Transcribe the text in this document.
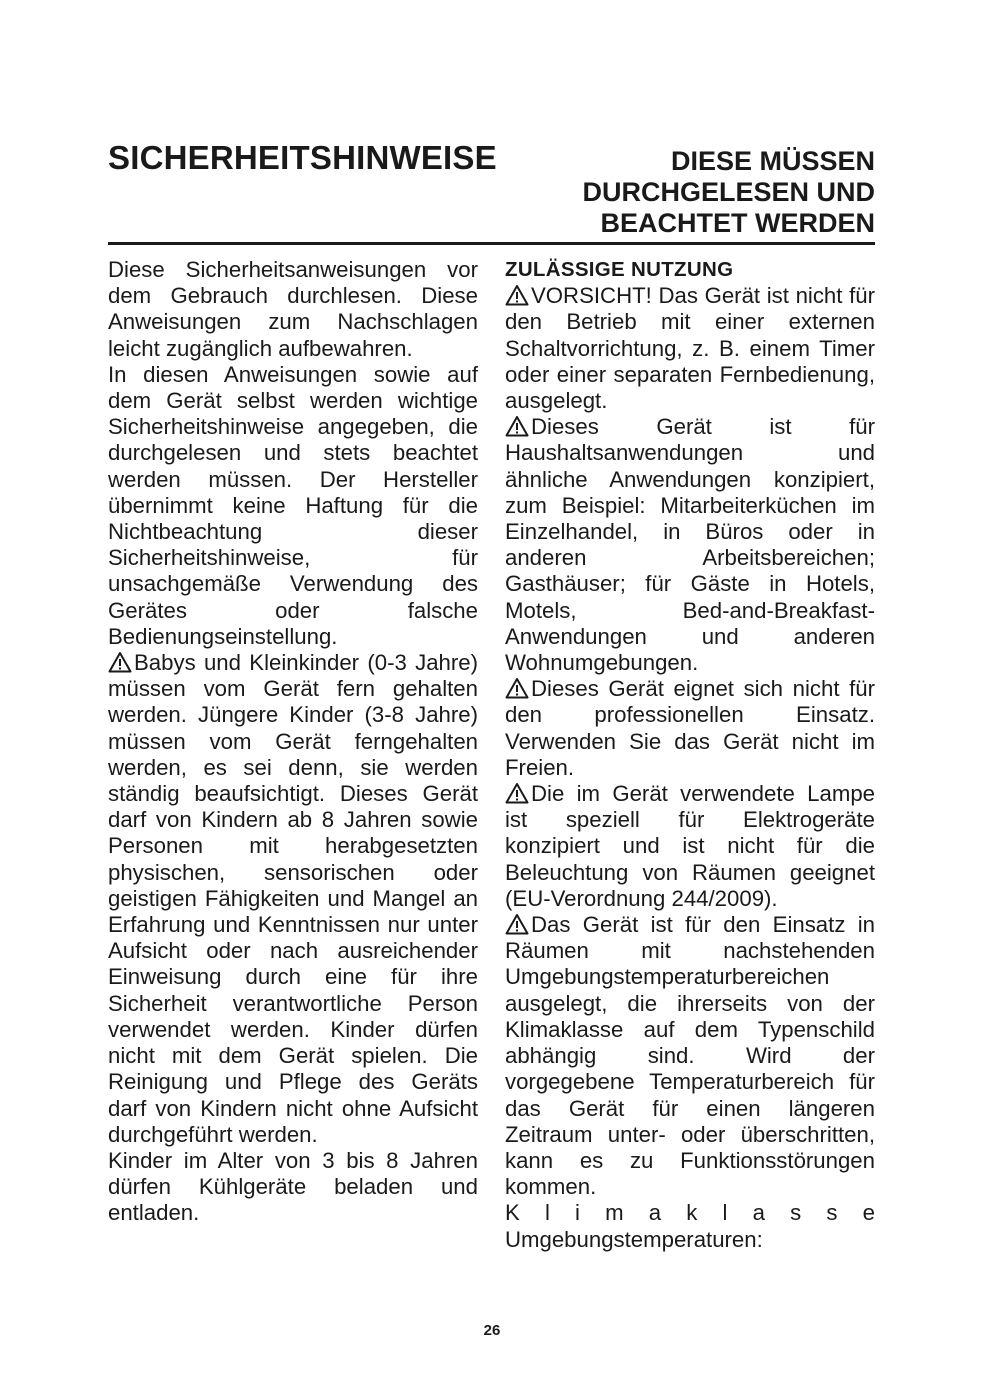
SICHERHEITSHINWEISE	DIESE MÜSSEN
DURCHGELESEN UND
BEACHTET WERDEN

Diese Sicherheitsanweisungen vor dem Gebrauch durchlesen. Diese Anweisungen zum Nachschlagen leicht zugänglich aufbewahren.

In diesen Anweisungen sowie auf dem Gerät selbst werden wichtige Sicherheitshinweise angegeben, die durchgelesen und stets beachtet werden müssen. Der Hersteller übernimmt keine Haftung für die Nichtbeachtung dieser Sicherheitshinweise, für unsachgemäße Verwendung des Gerätes oder falsche Bedienungseinstellung.

Babys und Kleinkinder (0-3 Jahre) müssen vom Gerät fern gehalten werden. Jüngere Kinder (3-8 Jahre) müssen vom Gerät ferngehalten werden, es sei denn, sie werden ständig beaufsichtigt. Dieses Gerät darf von Kindern ab 8 Jahren sowie Personen mit herabgesetzten physischen, sensorischen oder geistigen Fähigkeiten und Mangel an Erfahrung und Kenntnissen nur unter Aufsicht oder nach ausreichender Einweisung durch eine für ihre Sicherheit verantwortliche Person verwendet werden. Kinder dürfen nicht mit dem Gerät spielen. Die Reinigung und Pflege des Geräts darf von Kindern nicht ohne Aufsicht durchgeführt werden.

Kinder im Alter von 3 bis 8 Jahren dürfen Kühlgeräte beladen und entladen.

ZULÄSSIGE NUTZUNG

VORSICHT! Das Gerät ist nicht für den Betrieb mit einer externen Schaltvorrichtung, z. B. einem Timer oder einer separaten Fernbedienung, ausgelegt.

Dieses Gerät ist für Haushaltsanwendungen und ähnliche Anwendungen konzipiert, zum Beispiel: Mitarbeiterküchen im Einzelhandel, in Büros oder in anderen Arbeitsbereichen; Gasthäuser; für Gäste in Hotels, Motels, Bed-and-Breakfast-Anwendungen und anderen Wohnumgebungen.

Dieses Gerät eignet sich nicht für den professionellen Einsatz. Verwenden Sie das Gerät nicht im Freien.

Die im Gerät verwendete Lampe ist speziell für Elektrogeräte konzipiert und ist nicht für die Beleuchtung von Räumen geeignet (EU-Verordnung 244/2009).

Das Gerät ist für den Einsatz in Räumen mit nachstehenden Umgebungstemperaturbereichen ausgelegt, die ihrerseits von der Klimaklasse auf dem Typenschild abhängig sind. Wird der vorgegebene Temperaturbereich für das Gerät für einen längeren Zeitraum unter- oder überschritten, kann es zu Funktionsstörungen kommen.

K l i m a k l a s s e

Umgebungstemperaturen:

26
